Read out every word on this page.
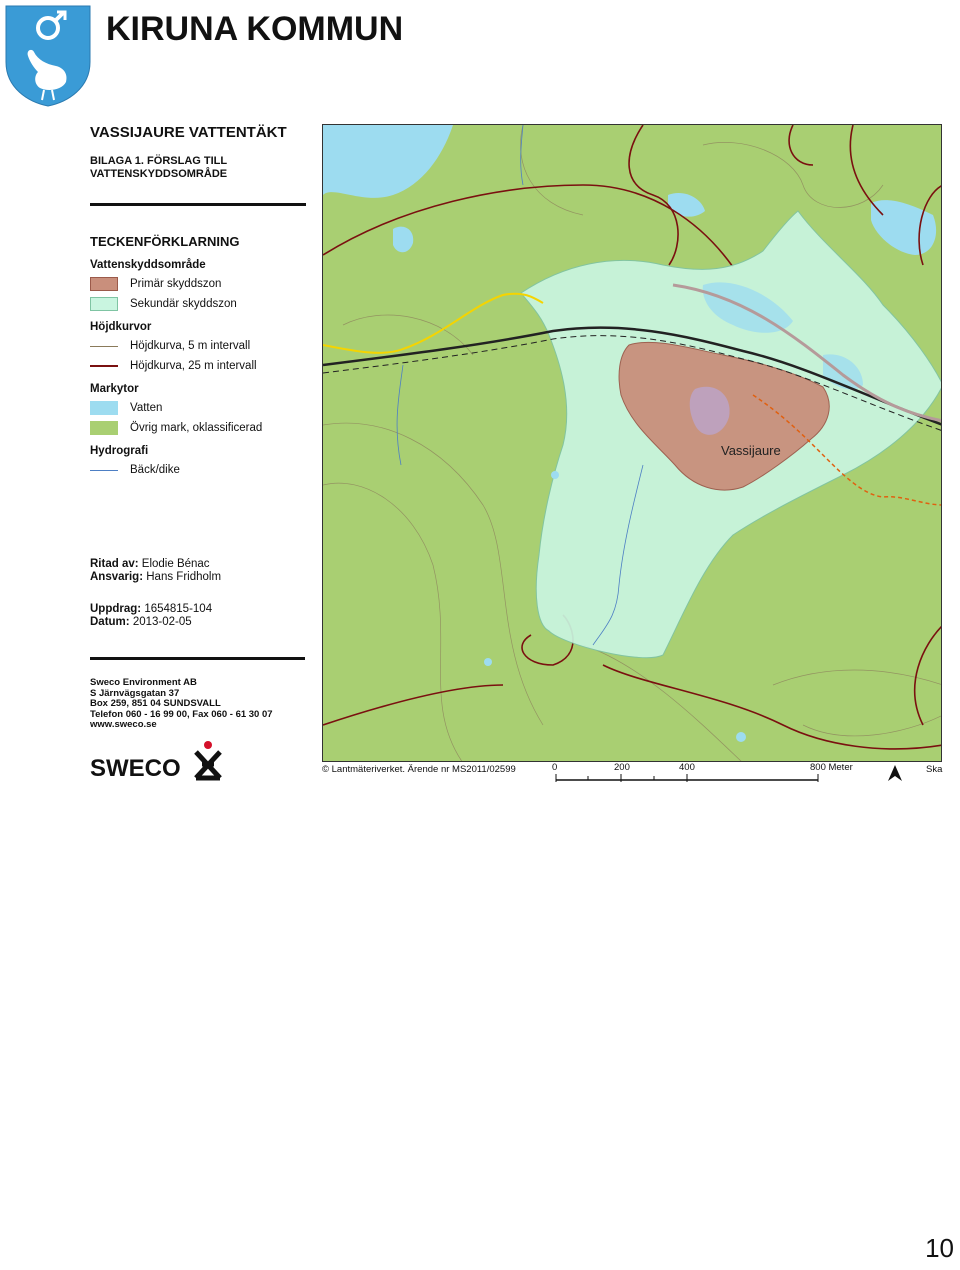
KIRUNA KOMMUN
VASSIJAURE VATTENTÄKT
BILAGA 1. FÖRSLAG TILL
VATTENSKYDDSOMRÅDE
TECKENFÖRKLARNING
Vattenskyddsområde
Primär skyddszon
Sekundär skyddszon
Höjdkurvor
Höjdkurva, 5 m intervall
Höjdkurva, 25 m intervall
Markytor
Vatten
Övrig mark, oklassificerad
Hydrografi
Bäck/dike
Ritad av: Elodie Bénac
Ansvarig: Hans Fridholm
Uppdrag: 1654815-104
Datum: 2013-02-05
Sweco Environment AB
S Järnvägsgatan 37
Box 259, 851 04 SUNDSVALL
Telefon 060 - 16 99 00, Fax 060 - 61 30 07
www.sweco.se
SWECO
Vassijaure
© Lantmäteriverket. Ärende nr MS2011/02599	0	200	400	800 Meter	Ska
10
